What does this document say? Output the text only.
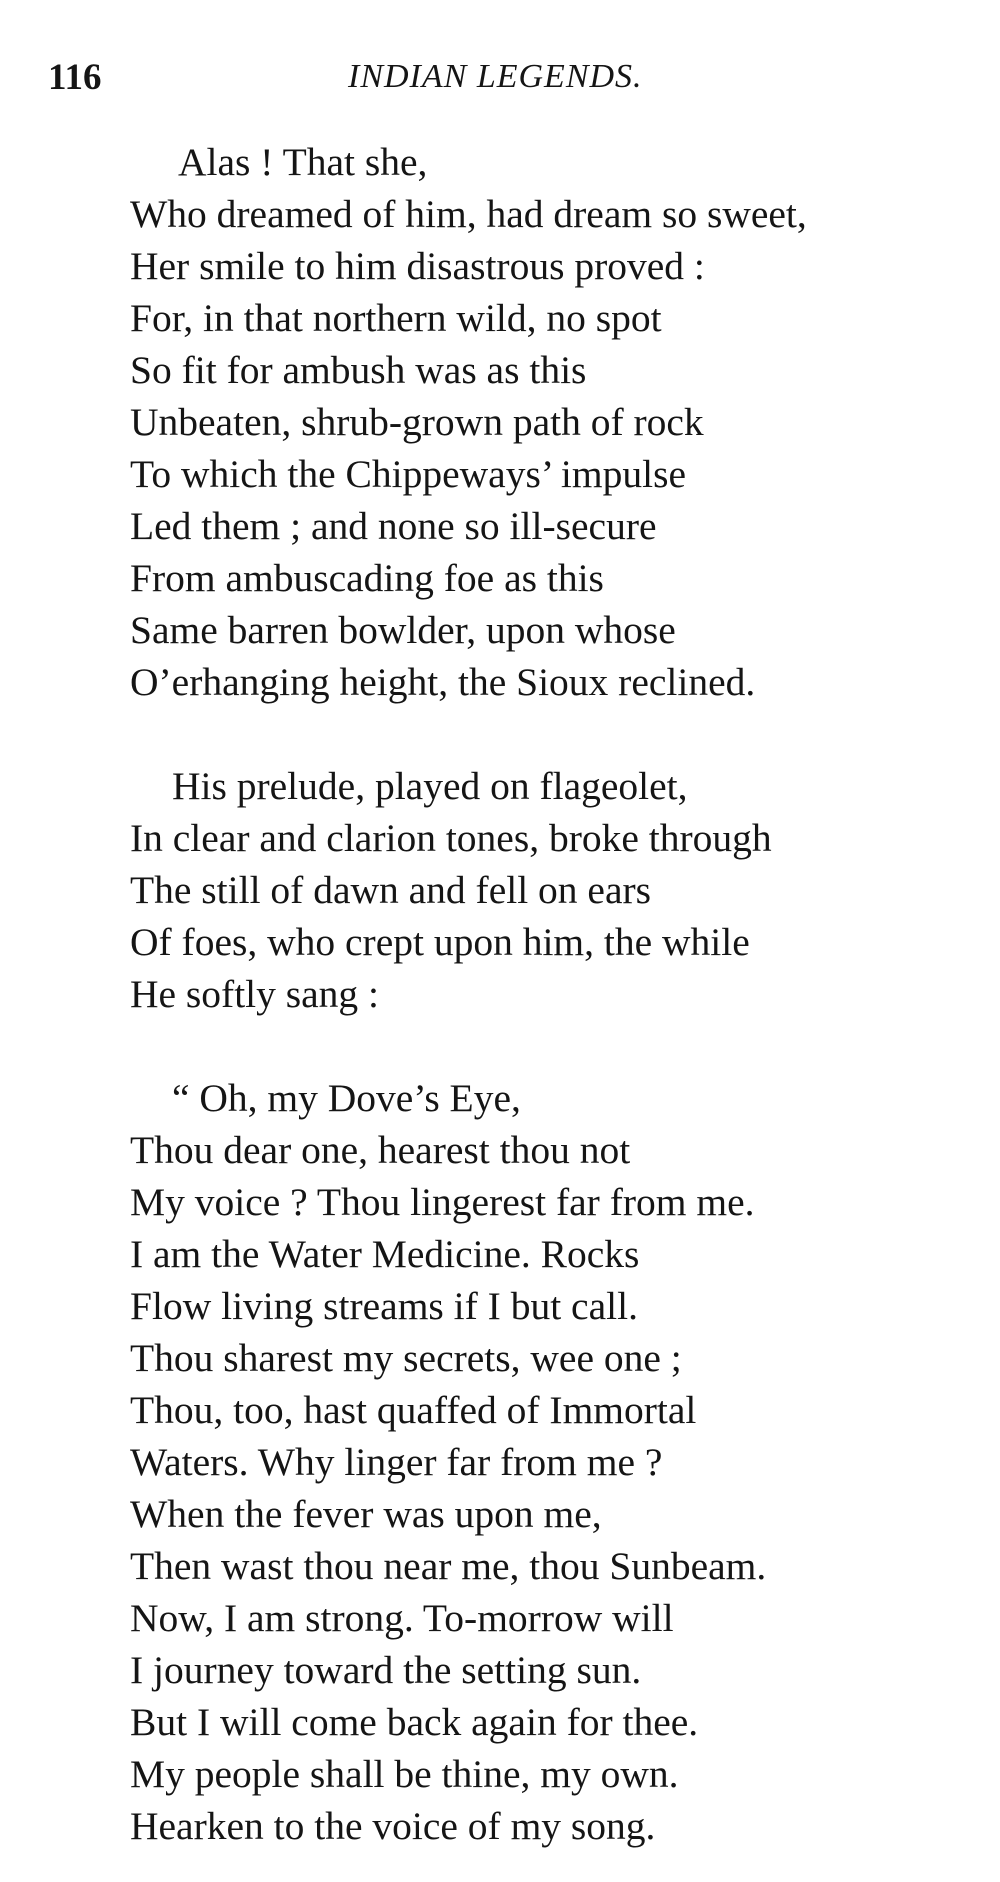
116	INDIAN LEGENDS.

Alas ! That she,
Who dreamed of him, had dream so sweet,
Her smile to him disastrous proved :
For, in that northern wild, no spot
So fit for ambush was as this
Unbeaten, shrub-grown path of rock
To which the Chippeways’ impulse
Led them ; and none so ill-secure
From ambuscading foe as this
Same barren bowlder, upon whose
O’erhanging height, the Sioux reclined.

His prelude, played on flageolet,
In clear and clarion tones, broke through
The still of dawn and fell on ears
Of foes, who crept upon him, the while
He softly sang :

“ Oh, my Dove’s Eye,
Thou dear one, hearest thou not
My voice ? Thou lingerest far from me.
I am the Water Medicine. Rocks
Flow living streams if I but call.
Thou sharest my secrets, wee one ;
Thou, too, hast quaffed of Immortal
Waters. Why linger far from me ?
When the fever was upon me,
Then wast thou near me, thou Sunbeam.
Now, I am strong. To-morrow will
I journey toward the setting sun.
But I will come back again for thee.
My people shall be thine, my own.
Hearken to the voice of my song.
